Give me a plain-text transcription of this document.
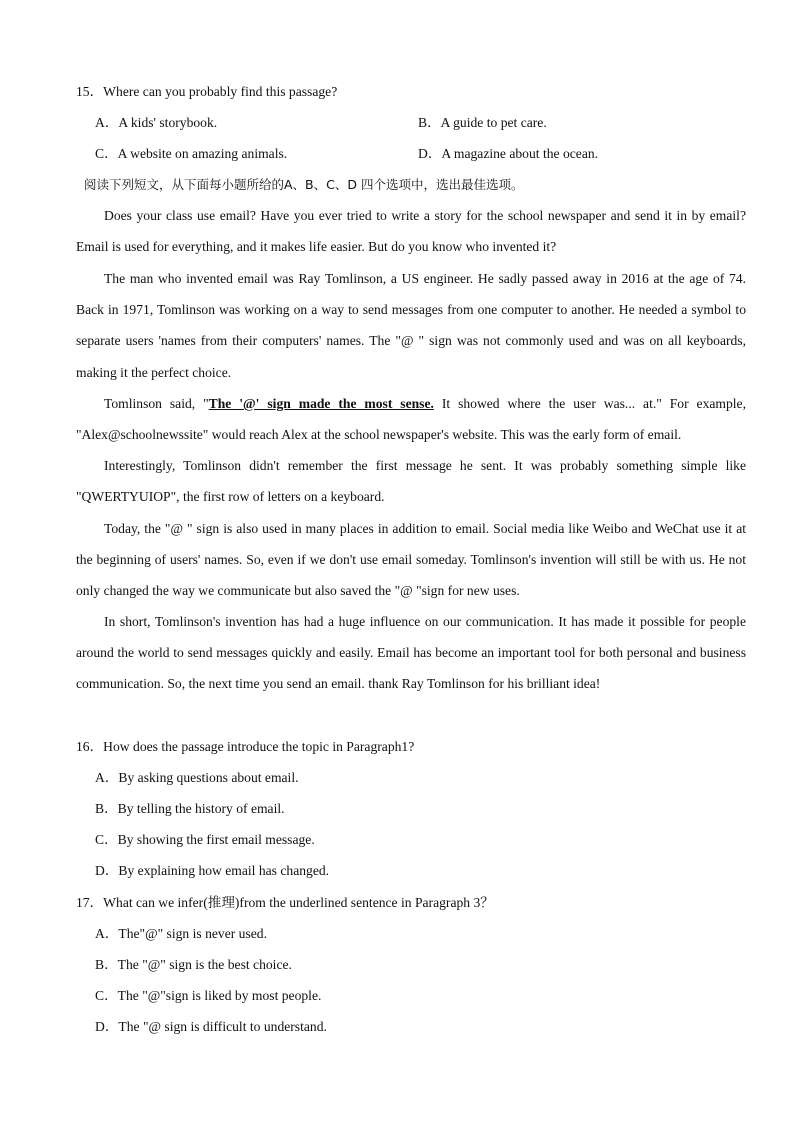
15．Where can you probably find this passage?
A．A kids' storybook.	B．A guide to pet care.
C．A website on amazing animals.	D．A magazine about the ocean.
阅读下列短文，从下面每小题所给的A、B、C、D 四个选项中，选出最佳选项。
Does your class use email? Have you ever tried to write a story for the school newspaper and send it in by email? Email is used for everything, and it makes life easier. But do you know who invented it?
The man who invented email was Ray Tomlinson, a US engineer. He sadly passed away in 2016 at the age of 74. Back in 1971, Tomlinson was working on a way to send messages from one computer to another. He needed a symbol to separate users 'names from their computers' names. The "@ " sign was not commonly used and was on all keyboards, making it the perfect choice.
Tomlinson said, "The '@' sign made the most sense. It showed where the user was... at." For example, "Alex@schoolnewssite" would reach Alex at the school newspaper's website. This was the early form of email.
Interestingly, Tomlinson didn't remember the first message he sent. It was probably something simple like "QWERTYUIOP", the first row of letters on a keyboard.
Today, the "@ " sign is also used in many places in addition to email. Social media like Weibo and WeChat use it at the beginning of users' names. So, even if we don't use email someday. Tomlinson's invention will still be with us. He not only changed the way we communicate but also saved the "@ "sign for new uses.
In short, Tomlinson's invention has had a huge influence on our communication. It has made it possible for people around the world to send messages quickly and easily. Email has become an important tool for both personal and business communication. So, the next time you send an email. thank Ray Tomlinson for his brilliant idea!
16．How does the passage introduce the topic in Paragraph1?
A．By asking questions about email.
B．By telling the history of email.
C．By showing the first email message.
D．By explaining how email has changed.
17．What can we infer(推理)from the underlined sentence in Paragraph 3？
A．The"@" sign is never used.
B．The "@" sign is the best choice.
C．The "@"sign is liked by most people.
D．The "@ sign is difficult to understand.
